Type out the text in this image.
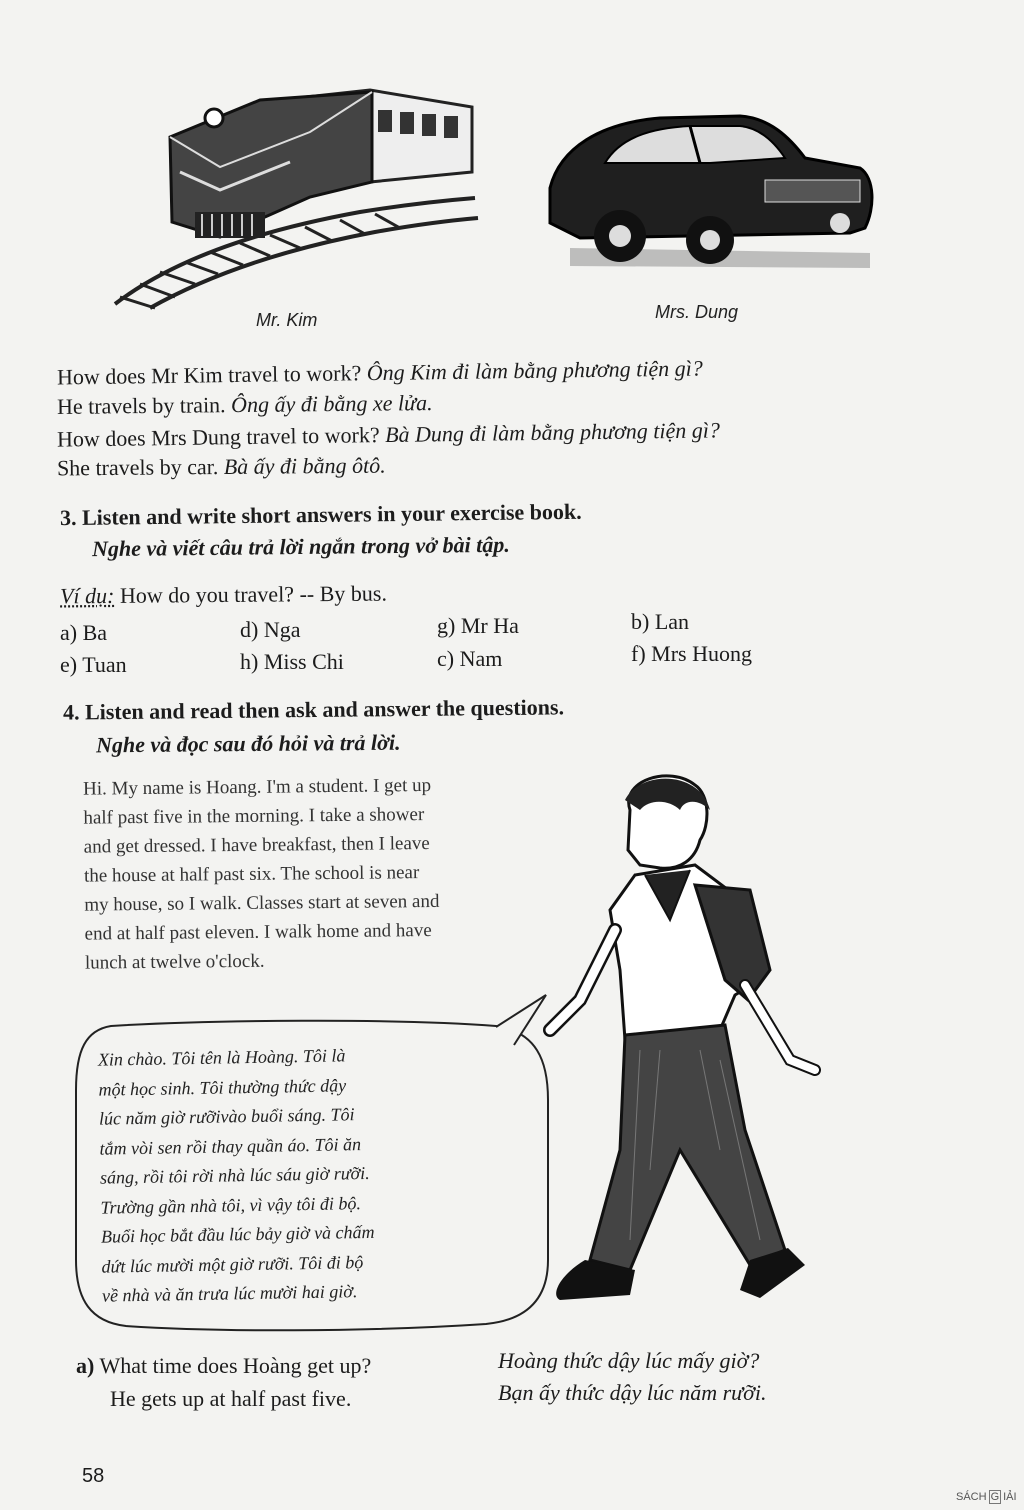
Mr. Kim	Mrs. Dung
How does Mr Kim travel to work? Ông Kim đi làm bằng phương tiện gì?
He travels by train. Ông ấy đi bằng xe lửa.
How does Mrs Dung travel to work? Bà Dung đi làm bằng phương tiện gì?
She travels by car. Bà ấy đi bằng ôtô.
3. Listen and write short answers in your exercise book.
Nghe và viết câu trả lời ngắn trong vở bài tập.
Ví dụ: How do you travel? -- By bus.
a) Ba	d) Nga	g) Mr Ha	b) Lan
e) Tuan	h) Miss Chi	c) Nam	f) Mrs Huong
4. Listen and read then ask and answer the questions.
Nghe và đọc sau đó hỏi và trả lời.
Hi. My name is Hoang. I'm a student. I get up
half past five in the morning. I take a shower
and get dressed. I have breakfast, then I leave
the house at half past six. The school is near
my house, so I walk. Classes start at seven and
end at half past eleven. I walk home and have
lunch at twelve o'clock.
Xin chào. Tôi tên là Hoàng. Tôi là
một học sinh. Tôi thường thức dậy
lúc năm giờ rưỡivào buổi sáng. Tôi
tắm vòi sen rồi thay quần áo. Tôi ăn
sáng, rồi tôi rời nhà lúc sáu giờ rưỡi.
Trường gần nhà tôi, vì vậy tôi đi bộ.
Buổi học bắt đầu lúc bảy giờ và chấm
dứt lúc mười một giờ rưỡi. Tôi đi bộ
về nhà và ăn trưa lúc mười hai giờ.
a) What time does Hoàng get up?
He gets up at half past five.
Hoàng thức dậy lúc mấy giờ?
Bạn ấy thức dậy lúc năm rưỡi.
58
SÁCH G IẢI
